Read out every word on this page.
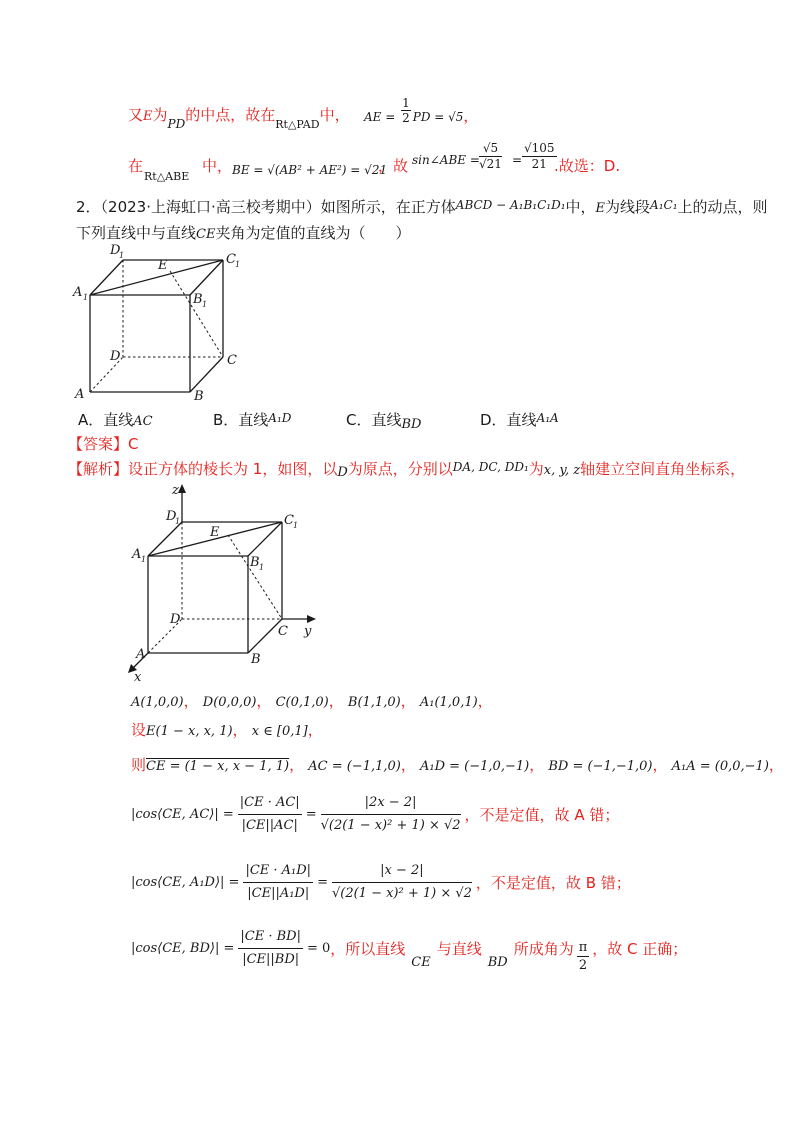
又E为$_{PD}$的中点，故在$_{Rt\triangle PAD}$中， AE = $\frac{1}{2}$ PD = √5，
在
Rt△ABE
中， BE = √(AB² + AE²) = √21
，故 sin∠ABE = $\frac{√5}{√21} = \frac{√105}{21}$
.故选：D.
2．（2023·上海虹口·高三校考期中）如图所示，在正方体$^{ABCD - A_1B_1C_1D_1}$中，E为线段$^{A_1C_1}$上的动点，则
下列直线中与直线CE夹角为定值的直线为（　　）
A	B
C
D
A 1	B 1
C 1
D
1
E
A．直线AC	B．直线$^{A_1D}$	C．直线BD	D．直线$^{A_1A}$
【答案】C
【解析】设正方体的棱长为 1，如图，以D为原点，分别以$^{DA, DC, DD_1}$为x, y, z轴建立空间直角坐标系，
z
y
x
A	B
C
D
A 1	B 1
C 1
D
1
E
A(1,0,0)， D(0,0,0)， C(0,1,0)， B(1,1,0)， A₁(1,0,1)，
设E(1 − x, x, 1)， x ∈ [0,1]，
则CE = (1 − x, x − 1, 1)， AC = (−1,1,0)， A₁D = (−1,0,−1)， BD = (−1,−1,0)， A₁A = (0,0,−1)，
|cos⟨CE, AC⟩| = $\frac{|CE \cdot AC|}{|CE||AC|} = \frac{|2x - 2|}{\text{√(2(1 − x)² + 1) × √2}}$ ，不是定值，故 A 错；
|cos⟨CE, A₁D⟩| = $\frac{\text{|CE · A₁D|}}{\text{|CE||A₁D|}} = \frac{|x - 2|}{\text{√(2(1 − x)² + 1) × √2}}$ ，不是定值，故 B 错；
|cos⟨CE, BD⟩| = $\frac{|CE \cdot BD|}{|CE||BD|} = 0$ ，所以直线
CE
与直线
BD
所成角为 $\frac{\pi}{2}$ ，故 C 正确；
